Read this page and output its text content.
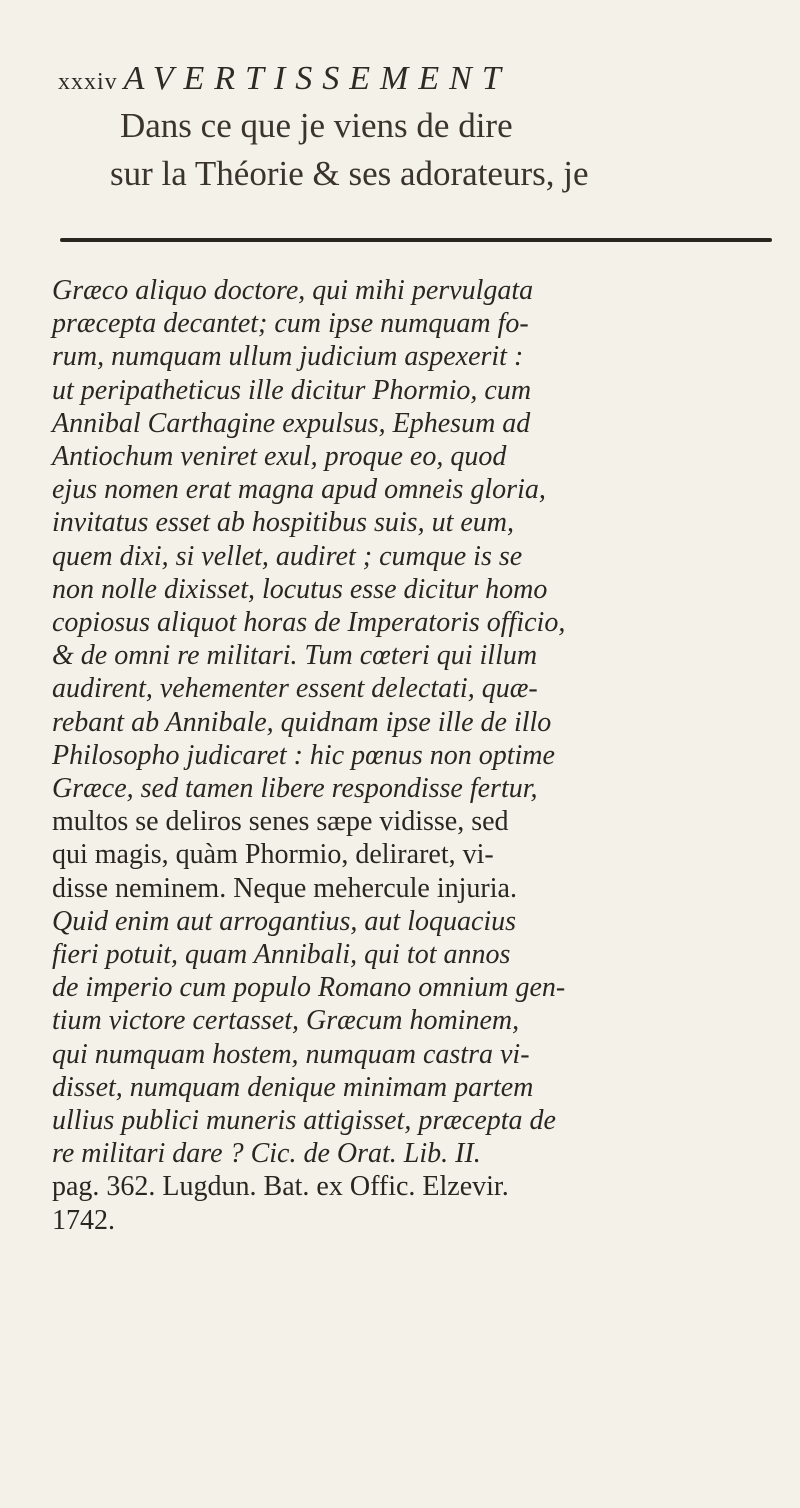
xxxiv AVERTISSEMENT
Dans ce que je viens de dire
sur la Théorie & ses adorateurs, je
Græco aliquo doctore, qui mihi pervulgata
præcepta decantet; cum ipse numquam fo-
rum, numquam ullum judicium aspexerit :
ut peripatheticus ille dicitur Phormio, cum
Annibal Carthagine expulsus, Ephesum ad
Antiochum veniret exul, proque eo, quod
ejus nomen erat magna apud omneis gloria,
invitatus esset ab hospitibus suis, ut eum,
quem dixi, si vellet, audiret ; cumque is se
non nolle dixisset, locutus esse dicitur homo
copiosus aliquot horas de Imperatoris officio,
& de omni re militari. Tum cœteri qui illum
audirent, vehementer essent delectati, quæ-
rebant ab Annibale, quidnam ipse ille de illo
Philosopho judicaret : hic pœnus non optime
Græce, sed tamen libere respondisse fertur,
multos se deliros senes sæpe vidisse, sed
qui magis, quàm Phormio, deliraret, vi-
disse neminem. Neque mehercule injuria.
Quid enim aut arrogantius, aut loquacius
fieri potuit, quam Annibali, qui tot annos
de imperio cum populo Romano omnium gen-
tium victore certasset, Græcum hominem,
qui numquam hostem, numquam castra vi-
disset, numquam denique minimam partem
ullius publici muneris attigisset, præcepta de
re militari dare ? Cic. de Orat. Lib. II.
pag. 362. Lugdun. Bat. ex Offic. Elzevir.
1742.
